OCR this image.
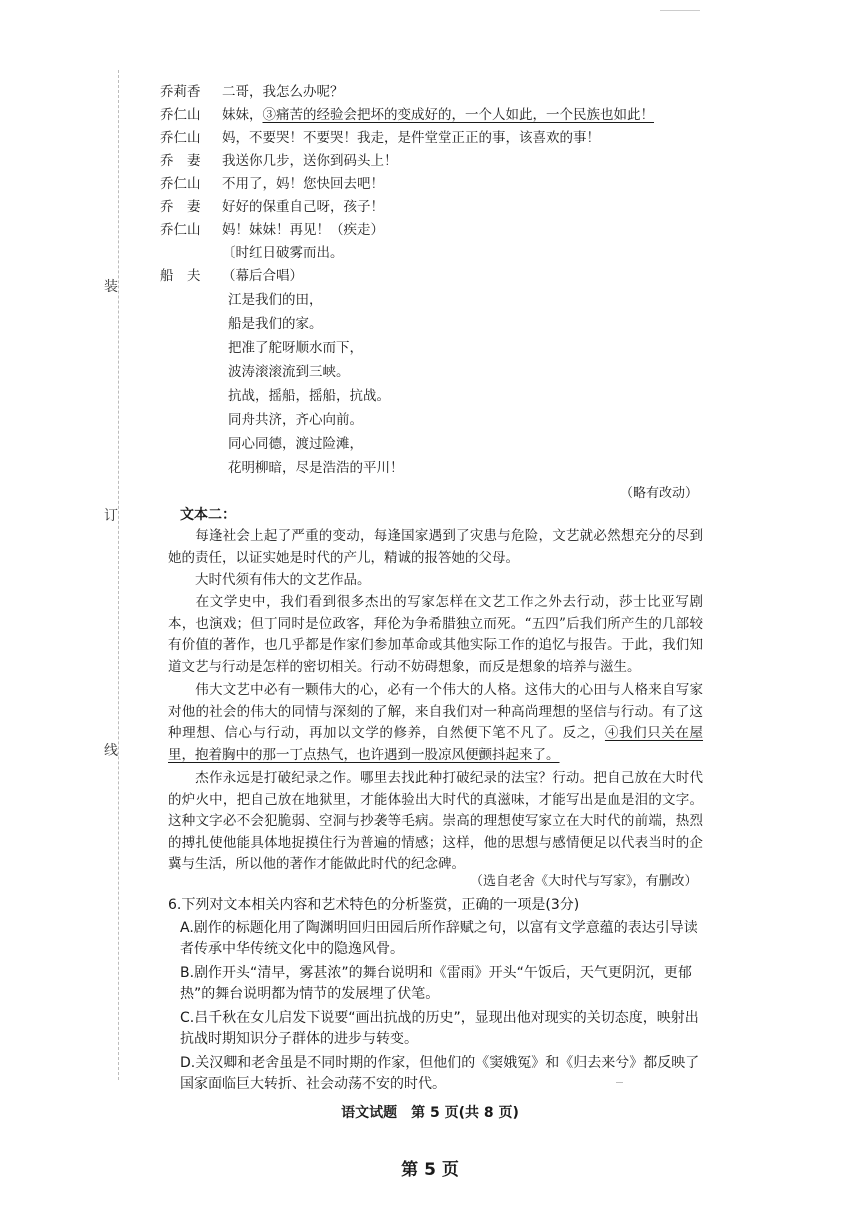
装
订
线
乔莉香 二哥，我怎么办呢？
乔仁山 妹妹，③痛苦的经验会把坏的变成好的，一个人如此，一个民族也如此！
乔仁山 妈，不要哭！不要哭！我走，是件堂堂正正的事，该喜欢的事！
乔　妻 我送你几步，送你到码头上！
乔仁山 不用了，妈！您快回去吧！
乔　妻 好好的保重自己呀，孩子！
乔仁山 妈！妹妹！再见！（疾走）
〔时红日破雾而出。
船　夫 （幕后合唱）
江是我们的田，
船是我们的家。
把准了舵呀顺水而下，
波涛滚滚流到三峡。
抗战，摇船，摇船，抗战。
同舟共济，齐心向前。
同心同德，渡过险滩，
花明柳暗，尽是浩浩的平川！
（略有改动）
文本二：
每逢社会上起了严重的变动，每逢国家遇到了灾患与危险，文艺就必然想充分的尽到她的责任，以证实她是时代的产儿，精诚的报答她的父母。
大时代须有伟大的文艺作品。
在文学史中，我们看到很多杰出的写家怎样在文艺工作之外去行动，莎士比亚写剧本，也演戏；但丁同时是位政客，拜伦为争希腊独立而死。“五四”后我们所产生的几部较有价值的著作，也几乎都是作家们参加革命或其他实际工作的追忆与报告。于此，我们知道文艺与行动是怎样的密切相关。行动不妨碍想象，而反是想象的培养与滋生。
伟大文艺中必有一颗伟大的心，必有一个伟大的人格。这伟大的心田与人格来自写家对他的社会的伟大的同情与深刻的了解，来自我们对一种高尚理想的坚信与行动。有了这种理想、信心与行动，再加以文学的修养，自然便下笔不凡了。反之，④我们只关在屋里，抱着胸中的那一丁点热气，也许遇到一股凉风便颤抖起来了。
杰作永远是打破纪录之作。哪里去找此种打破纪录的法宝？行动。把自己放在大时代的炉火中，把自己放在地狱里，才能体验出大时代的真滋味，才能写出是血是泪的文字。这种文字必不会犯脆弱、空洞与抄袭等毛病。崇高的理想使写家立在大时代的前端，热烈的搏扎使他能具体地捉摸住行为普遍的情感；这样，他的思想与感情便足以代表当时的企冀与生活，所以他的著作才能做此时代的纪念碑。
（选自老舍《大时代与写家》，有删改）
6.下列对文本相关内容和艺术特色的分析鉴赏，正确的一项是(3分)
A.剧作的标题化用了陶渊明回归田园后所作辞赋之句，以富有文学意蕴的表达引导读者传承中华传统文化中的隐逸风骨。
B.剧作开头“清早，雾甚浓”的舞台说明和《雷雨》开头“午饭后，天气更阴沉，更郁热”的舞台说明都为情节的发展埋了伏笔。
C.吕千秋在女儿启发下说要“画出抗战的历史”，显现出他对现实的关切态度，映射出抗战时期知识分子群体的进步与转变。
D.关汉卿和老舍虽是不同时期的作家，但他们的《窦娥冤》和《归去来兮》都反映了国家面临巨大转折、社会动荡不安的时代。
语文试题　第 5 页(共 8 页)
第 5 页
